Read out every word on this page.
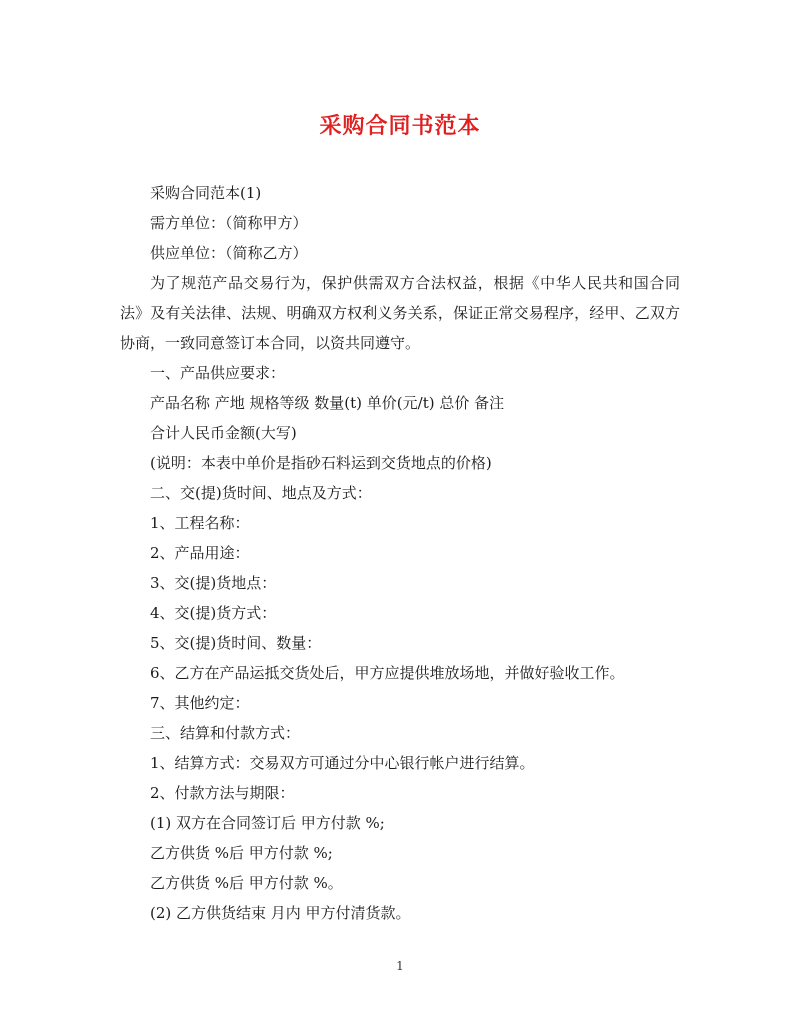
采购合同书范本

采购合同范本(1)

需方单位：（简称甲方）

供应单位：（简称乙方）

为了规范产品交易行为，保护供需双方合法权益，根据《中华人民共和国合同法》及有关法律、法规、明确双方权利义务关系，保证正常交易程序，经甲、乙双方协商，一致同意签订本合同，以资共同遵守。

一、产品供应要求：

产品名称 产地 规格等级 数量(t) 单价(元/t) 总价 备注

合计人民币金额(大写)

(说明：本表中单价是指砂石料运到交货地点的价格)

二、交(提)货时间、地点及方式：

1、工程名称：

2、产品用途：

3、交(提)货地点：

4、交(提)货方式：

5、交(提)货时间、数量：

6、乙方在产品运抵交货处后，甲方应提供堆放场地，并做好验收工作。

7、其他约定：

三、结算和付款方式：

1、结算方式：交易双方可通过分中心银行帐户进行结算。

2、付款方法与期限：

(1) 双方在合同签订后 甲方付款 %;

乙方供货 %后 甲方付款 %;

乙方供货 %后 甲方付款 %。

(2) 乙方供货结束 月内 甲方付清货款。

1
